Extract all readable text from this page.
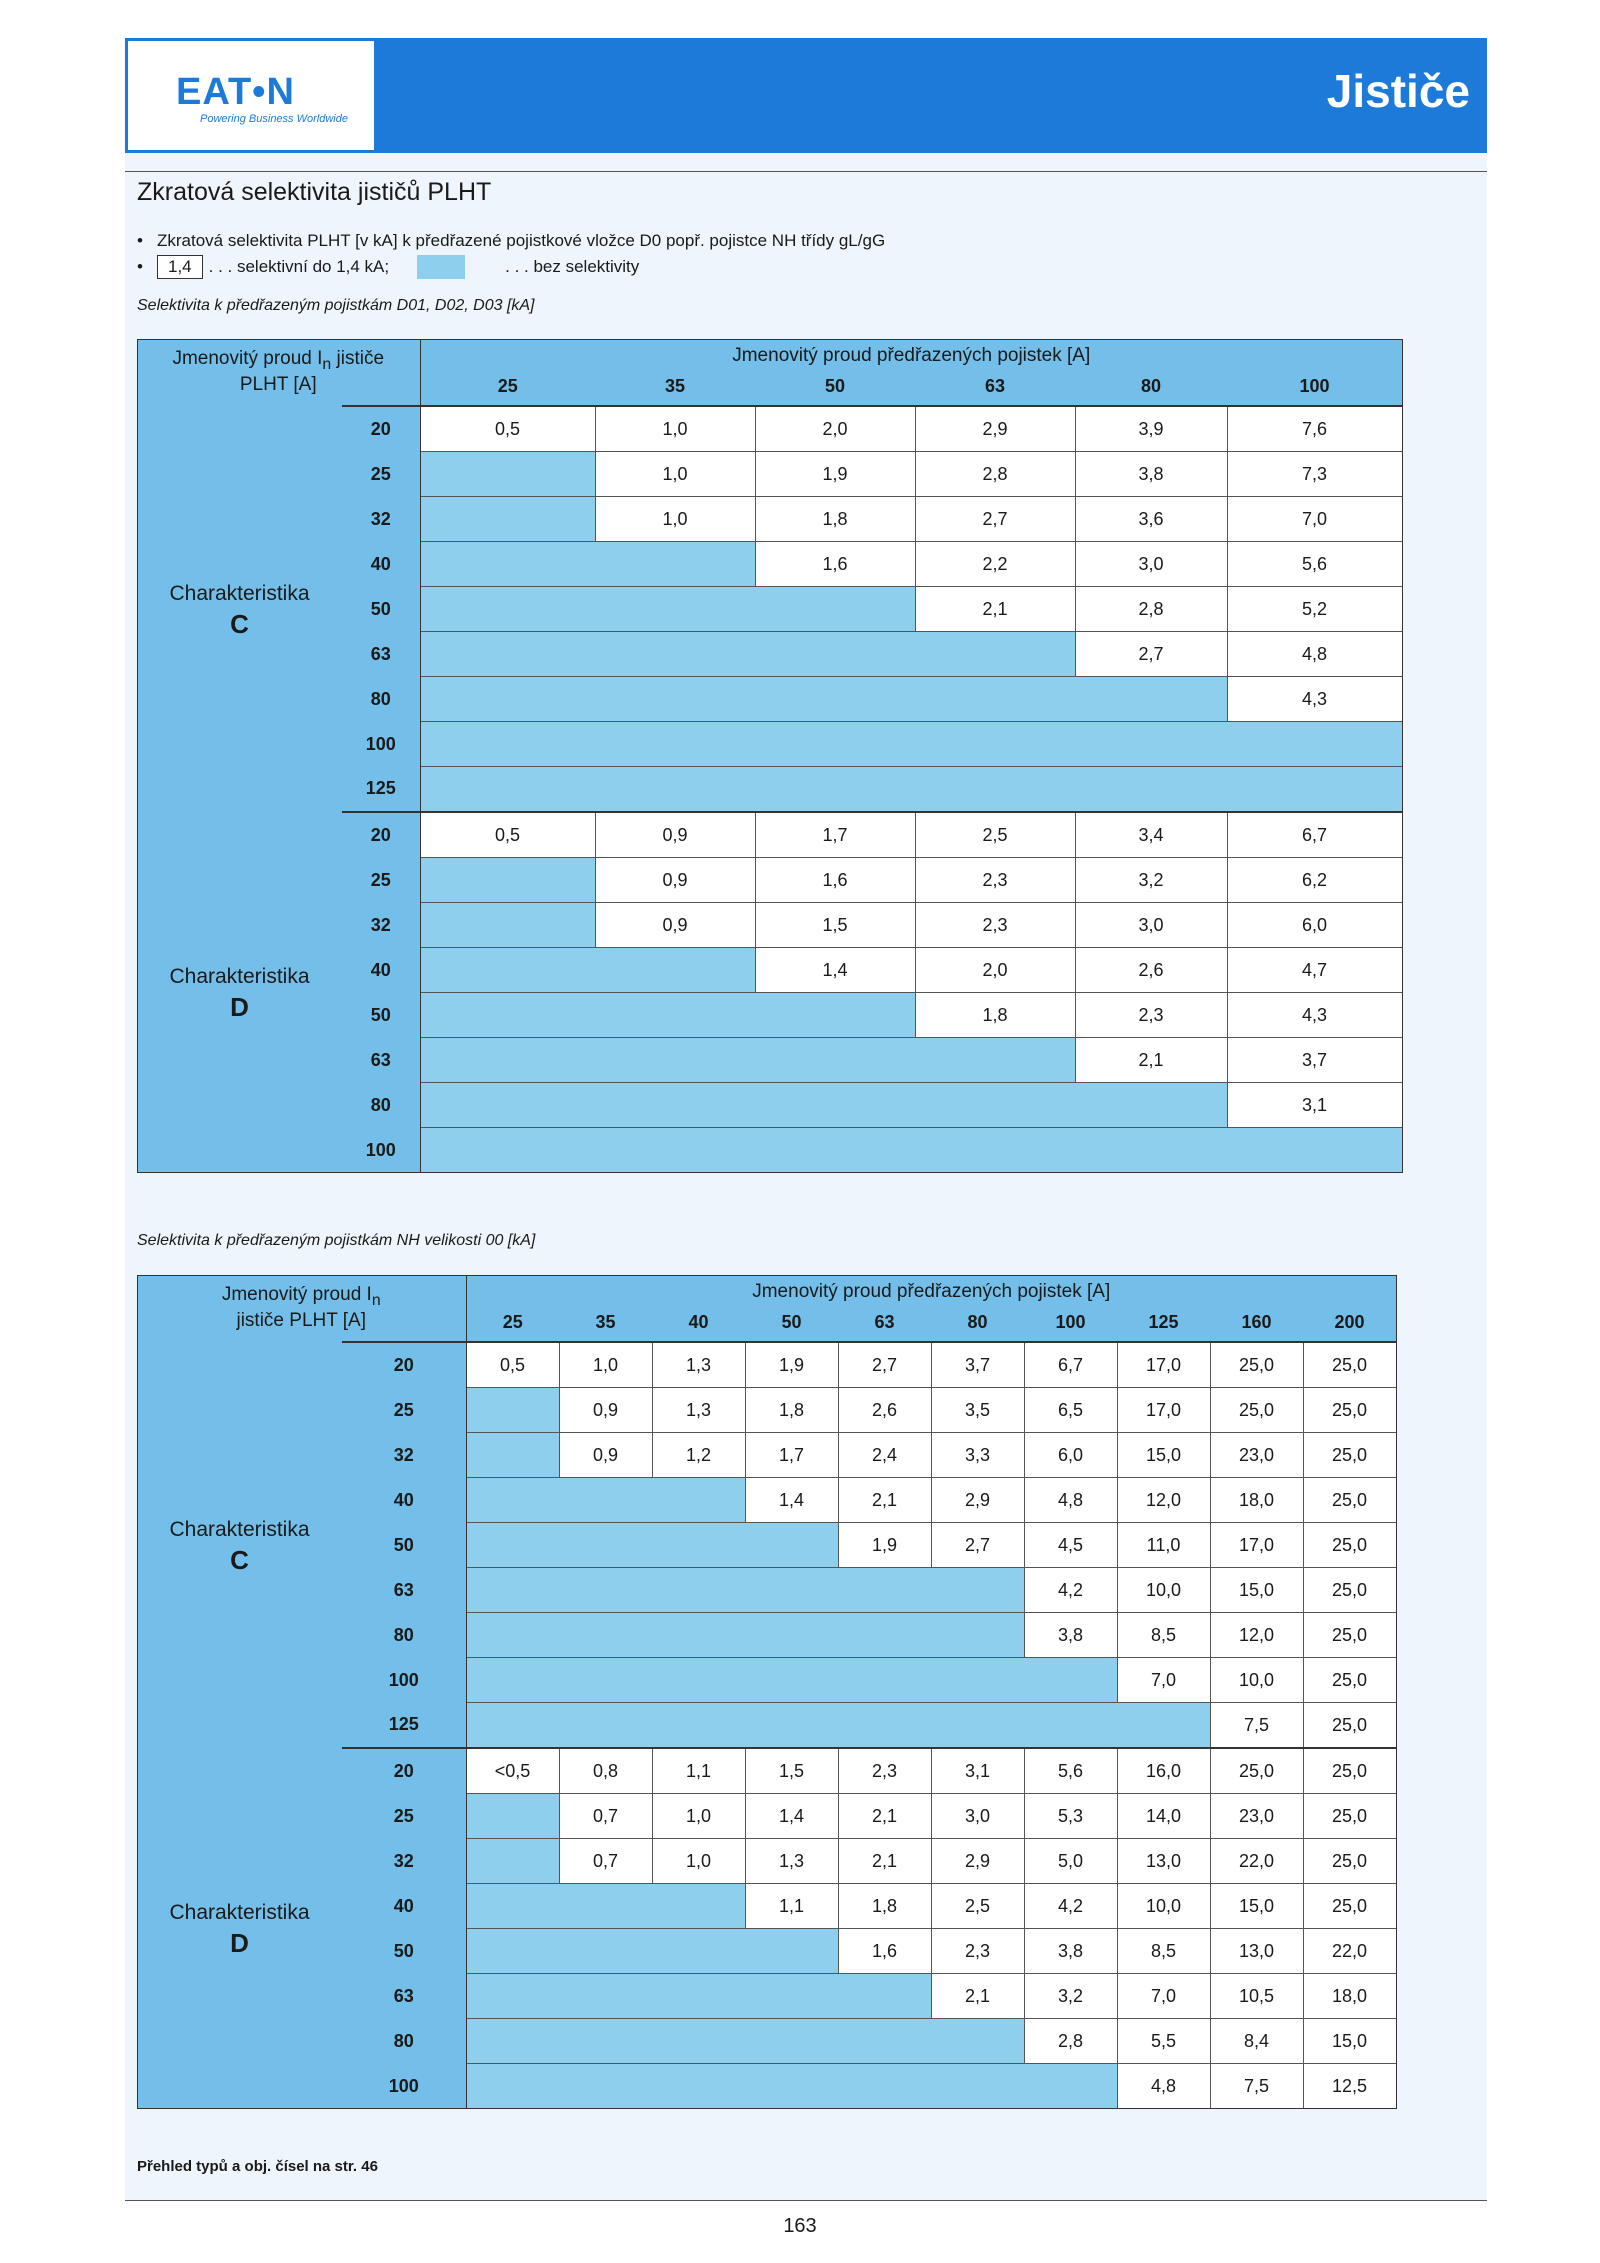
EAT•N
Powering Business Worldwide
Jističe
Zkratová selektivita jističů PLHT
• Zkratová selektivita PLHT [v kA] k předřazené pojistkové vložce D0 popř. pojistce NH třídy gL/gG
•	1,4	. . . selektivní do 1,4 kA;	. . . bez selektivity
Selektivita k předřazeným pojistkám D01, D02, D03 [kA]
Jmenovitý proud $I_n$ jističe
PLHT [A]		Jmenovitý proud předřazených pojistek [A]					
		25	35	50	63	80	100

Charakteristika
C	20	0,5	1,0	2,0	2,9	3,9	7,6
	25		1,0	1,9	2,8	3,8	7,3
	32		1,0	1,8	2,7	3,6	7,0
	40			1,6	2,2	3,0	5,6
	50				2,1	2,8	5,2
	63					2,7	4,8
	80						4,3
	100						
	125						

Charakteristika
D	20	0,5	0,9	1,7	2,5	3,4	6,7
	25		0,9	1,6	2,3	3,2	6,2
	32		0,9	1,5	2,3	3,0	6,0
	40			1,4	2,0	2,6	4,7
	50				1,8	2,3	4,3
	63					2,1	3,7
	80						3,1
	100						
Selektivita k předřazeným pojistkám NH velikosti 00 [kA]
Jmenovitý proud $I_n$
jističe PLHT [A]		Jmenovitý proud předřazených pojistek [A]									
		25	35	40	50	63	80	100	125	160	200

Charakteristika
C	20	0,5	1,0	1,3	1,9	2,7	3,7	6,7	17,0	25,0	25,0
	25		0,9	1,3	1,8	2,6	3,5	6,5	17,0	25,0	25,0
	32		0,9	1,2	1,7	2,4	3,3	6,0	15,0	23,0	25,0
	40				1,4	2,1	2,9	4,8	12,0	18,0	25,0
	50					1,9	2,7	4,5	11,0	17,0	25,0
	63							4,2	10,0	15,0	25,0
	80							3,8	8,5	12,0	25,0
	100								7,0	10,0	25,0
	125									7,5	25,0

Charakteristika
D	20	<0,5	0,8	1,1	1,5	2,3	3,1	5,6	16,0	25,0	25,0
	25		0,7	1,0	1,4	2,1	3,0	5,3	14,0	23,0	25,0
	32		0,7	1,0	1,3	2,1	2,9	5,0	13,0	22,0	25,0
	40				1,1	1,8	2,5	4,2	10,0	15,0	25,0
	50					1,6	2,3	3,8	8,5	13,0	22,0
	63						2,1	3,2	7,0	10,5	18,0
	80							2,8	5,5	8,4	15,0
	100								4,8	7,5	12,5
Přehled typů a obj. čísel na str. 46
163
